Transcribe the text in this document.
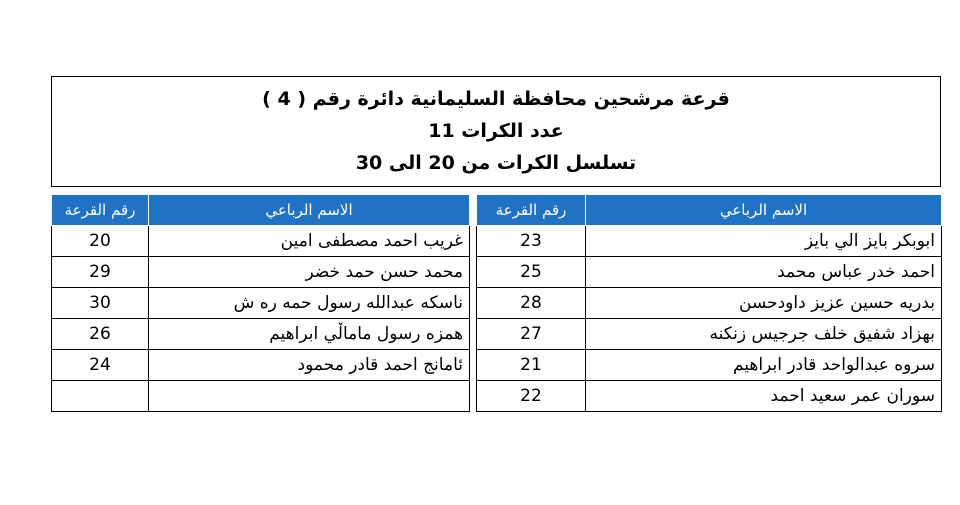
قرعة مرشحين محافظة السليمانية دائرة رقم ( 4 )
عدد الكرات 11
تسلسل الكرات من 20 الى 30
الاسم الرباعي	رقم القرعة
ابوبكر بايز الي بايز	23
احمد خدر عباس محمد	25
بدريه حسين عزيز داودحسن	28
بهزاد شفيق خلف جرجيس زنكنه	27
سروه عبدالواحد قادر ابراهيم	21
سوران عمر سعيد احمد	22
الاسم الرباعي	رقم القرعة
غريب احمد مصطفى امين	20
محمد حسن حمد خضر	29
ناسكه عبدالله رسول حمه ره ش	30
همزه رسول ماماڵي ابراهيم	26
ئامانج احمد قادر محمود	24
